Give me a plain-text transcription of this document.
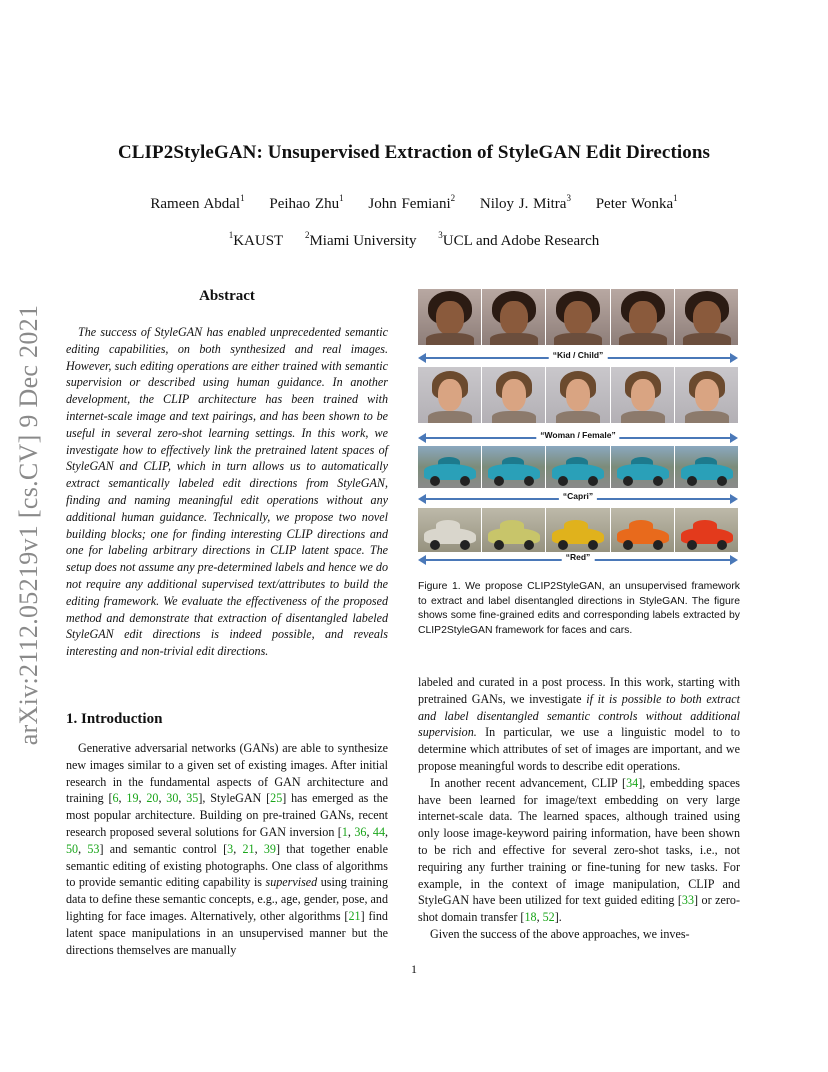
arXiv:2112.05219v1 [cs.CV] 9 Dec 2021
CLIP2StyleGAN: Unsupervised Extraction of StyleGAN Edit Directions
Rameen Abdal$^1$ Peihao Zhu$^1$ John Femiani$^2$ Niloy J. Mitra$^3$ Peter Wonka$^1$
$^1$KAUST $^2$Miami University $^3$UCL and Adobe Research
Abstract

The success of StyleGAN has enabled unprecedented semantic editing capabilities, on both synthesized and real images. However, such editing operations are either trained with semantic supervision or described using human guidance. In another development, the CLIP architecture has been trained with internet-scale image and text pairings, and has been shown to be useful in several zero-shot learning settings. In this work, we investigate how to effectively link the pretrained latent spaces of StyleGAN and CLIP, which in turn allows us to automatically extract semantically labeled edit directions from StyleGAN, finding and naming meaningful edit operations without any additional human guidance. Technically, we propose two novel building blocks; one for finding interesting CLIP directions and one for labeling arbitrary directions in CLIP latent space. The setup does not assume any pre-determined labels and hence we do not require any additional supervised text/attributes to build the editing framework. We evaluate the effectiveness of the proposed method and demonstrate that extraction of disentangled labeled StyleGAN edit directions is indeed possible, and reveals interesting and non-trivial edit directions.

1. Introduction

Generative adversarial networks (GANs) are able to synthesize new images similar to a given set of existing images. After initial research in the fundamental aspects of GAN architecture and training [6, 19, 20, 30, 35], StyleGAN [25] has emerged as the most popular architecture. Building on pre-trained GANs, recent research proposed several solutions for GAN inversion [1, 36, 44, 50, 53] and semantic control [3, 21, 39] that together enable semantic editing of existing photographs. One class of algorithms to provide semantic editing capability is supervised using training data to define these semantic concepts, e.g., age, gender, pose, and lighting for face images. Alternatively, other algorithms [21] find latent space manipulations in an unsupervised manner but the directions themselves are manually

“Kid / Child”
“Woman / Female”
“Capri”
“Red”
Figure 1. We propose CLIP2StyleGAN, an unsupervised framework to extract and label disentangled directions in StyleGAN. The figure shows some fine-grained edits and corresponding labels extracted by CLIP2StyleGAN framework for faces and cars.

labeled and curated in a post process. In this work, starting with pretrained GANs, we investigate if it is possible to both extract and label disentangled semantic controls without additional supervision. In particular, we use a linguistic model to to determine which attributes of set of images are important, and we propose meaningful words to describe edit operations.

In another recent advancement, CLIP [34], embedding spaces have been learned for image/text embedding on very large internet-scale data. The learned spaces, although trained using only loose image-keyword pairing information, have been shown to be rich and effective for several zero-shot tasks, i.e., not requiring any further training or fine-tuning for new tasks. For example, in the context of image manipulation, CLIP and StyleGAN have been utilized for text guided editing [33] or zero-shot domain transfer [18, 52].

Given the success of the above approaches, we inves-

1
